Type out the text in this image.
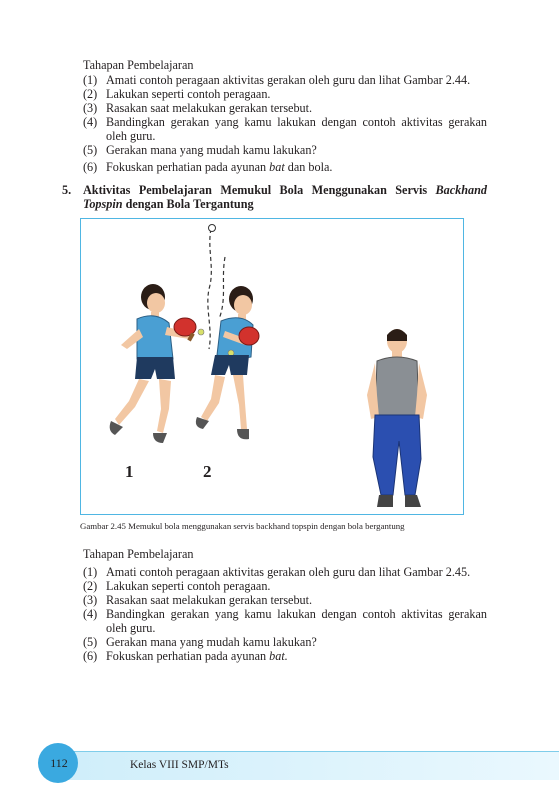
Tahapan Pembelajaran
(1) Amati contoh peragaan aktivitas gerakan oleh guru dan lihat Gambar 2.44.
(2) Lakukan seperti contoh peragaan.
(3) Rasakan saat melakukan gerakan tersebut.
(4) Bandingkan gerakan yang kamu lakukan dengan contoh aktivitas gerakan oleh guru.
(5) Gerakan mana yang mudah kamu lakukan?
(6) Fokuskan perhatian pada ayunan bat dan bola.
5. Aktivitas Pembelajaran Memukul Bola Menggunakan Servis Backhand Topspin dengan Bola Tergantung
1	2
Gambar 2.45 Memukul bola menggunakan servis backhand topspin dengan bola bergantung
Tahapan Pembelajaran
(1) Amati contoh peragaan aktivitas gerakan oleh guru dan lihat Gambar 2.45.
(2) Lakukan seperti contoh peragaan.
(3) Rasakan saat melakukan gerakan tersebut.
(4) Bandingkan gerakan yang kamu lakukan dengan contoh aktivitas gerakan oleh guru.
(5) Gerakan mana yang mudah kamu lakukan?
(6) Fokuskan perhatian pada ayunan bat.
112	Kelas VIII SMP/MTs
